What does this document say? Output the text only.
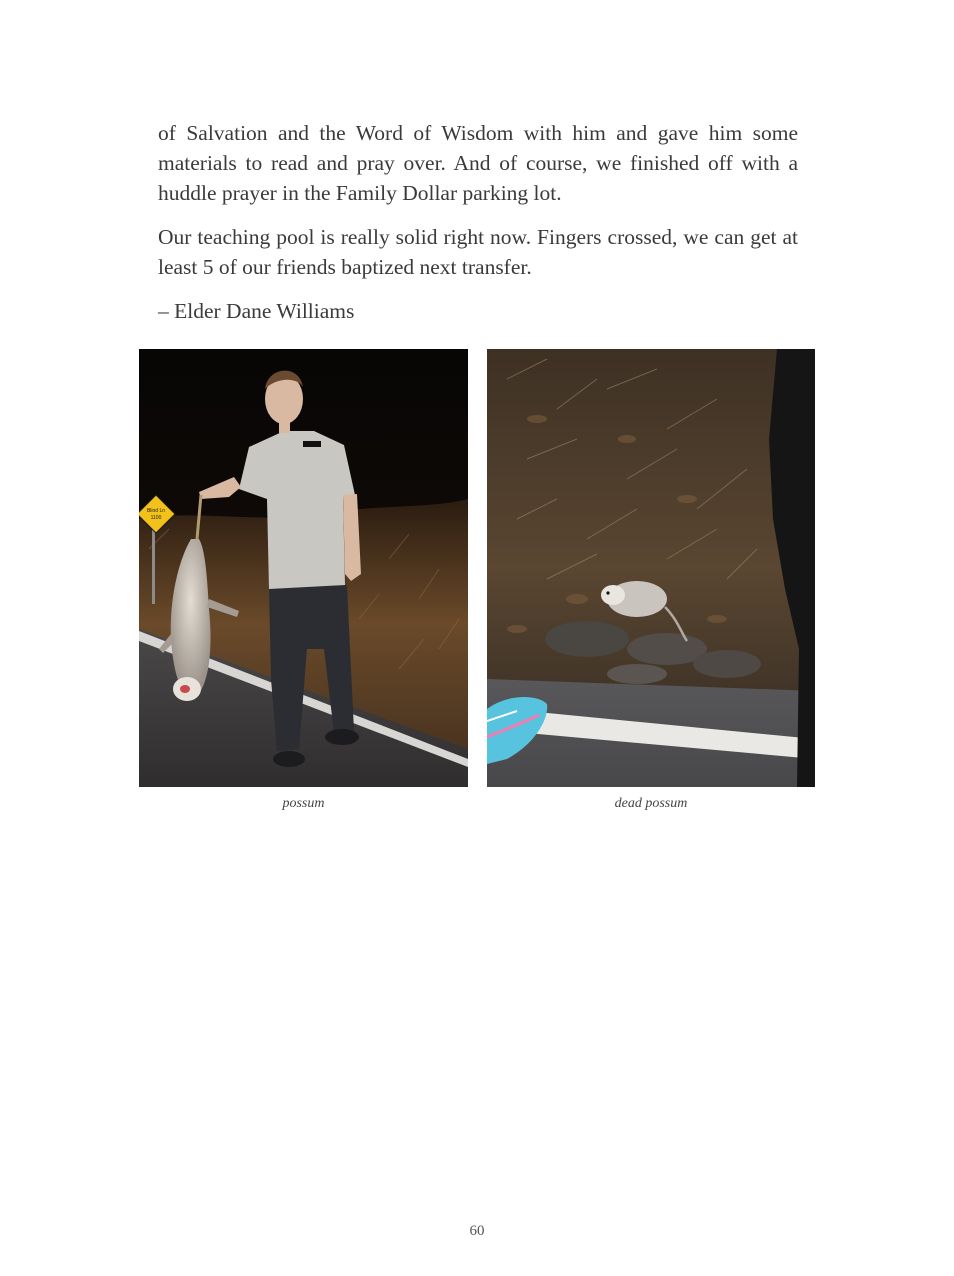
of Salvation and the Word of Wisdom with him and gave him some materials to read and pray over. And of course, we finished off with a huddle prayer in the Family Dollar parking lot.

Our teaching pool is really solid right now. Fingers crossed, we can get at least 5 of our friends baptized next transfer.

– Elder Dane Williams

Blind Ln
1100
possum	dead possum
60
